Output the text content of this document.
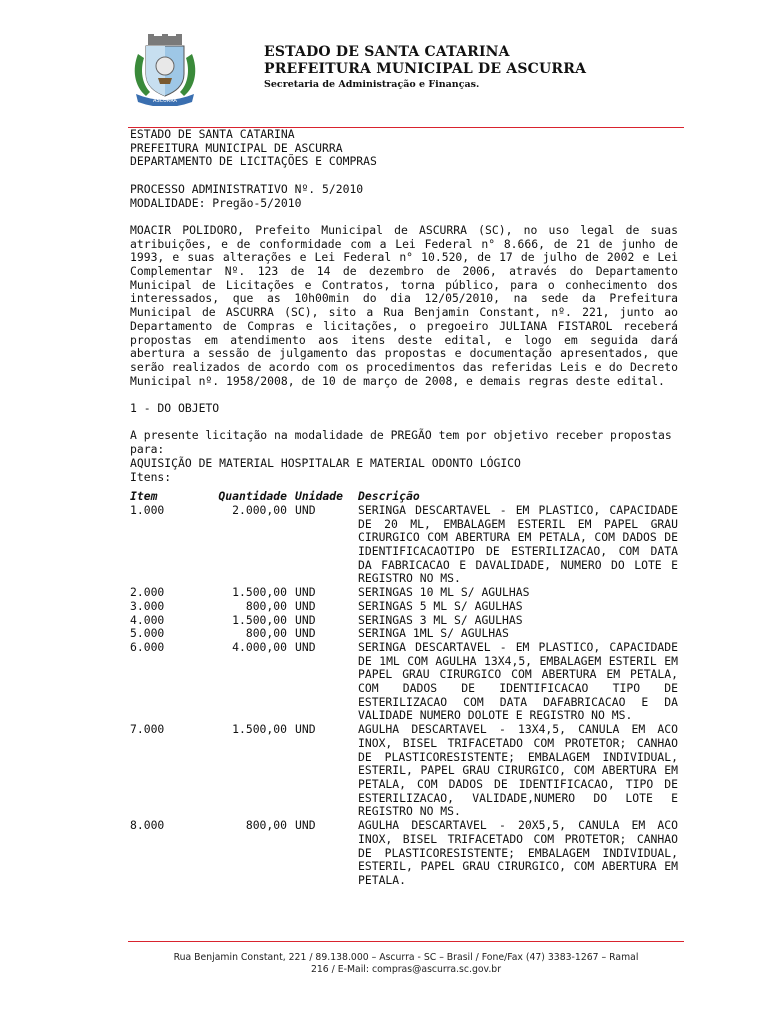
ASCURRA
ESTADO DE SANTA CATARINA
PREFEITURA MUNICIPAL DE ASCURRA
Secretaria de Administração e Finanças.

ESTADO DE SANTA CATARINA

PREFEITURA MUNICIPAL DE ASCURRA

DEPARTAMENTO DE LICITAÇÕES E COMPRAS

PROCESSO ADMINISTRATIVO Nº. 5/2010

MODALIDADE: Pregão-5/2010

MOACIR POLIDORO, Prefeito Municipal de ASCURRA (SC), no uso legal de suas atribuições, e de conformidade com a Lei Federal n° 8.666, de 21 de junho de 1993, e suas alterações e Lei Federal n° 10.520, de 17 de julho de 2002 e Lei Complementar Nº. 123 de 14 de dezembro de 2006, através do Departamento Municipal de Licitações e Contratos, torna público, para o conhecimento dos interessados, que as 10h00min do dia 12/05/2010, na sede da Prefeitura Municipal de ASCURRA (SC), sito a Rua Benjamin Constant, nº. 221, junto ao Departamento de Compras e licitações, o pregoeiro JULIANA FISTAROL receberá propostas em atendimento aos itens deste edital, e logo em seguida dará abertura a sessão de julgamento das propostas e documentação apresentados, que serão realizados de acordo com os procedimentos das referidas Leis e do Decreto Municipal nº. 1958/2008, de 10 de março de 2008, e demais regras deste edital.

1 - DO OBJETO

A presente licitação na modalidade de PREGÃO tem por objetivo receber propostas para:

AQUISIÇÃO DE MATERIAL HOSPITALAR E MATERIAL ODONTO LÓGICO

Itens:

Item	Quantidade	Unidade	Descrição
1.000	2.000,00	UND	SERINGA DESCARTAVEL - EM PLASTICO, CAPACIDADE DE 20 ML, EMBALAGEM ESTERIL EM PAPEL GRAU CIRURGICO COM ABERTURA EM PETALA, COM DADOS DE IDENTIFICACAOTIPO DE ESTERILIZACAO, COM DATA DA FABRICACAO E DAVALIDADE, NUMERO DO LOTE E REGISTRO NO MS.
2.000	1.500,00	UND	SERINGAS 10 ML S/ AGULHAS
3.000	800,00	UND	SERINGAS 5 ML S/ AGULHAS
4.000	1.500,00	UND	SERINGAS 3 ML S/ AGULHAS
5.000	800,00	UND	SERINGA 1ML S/ AGULHAS
6.000	4.000,00	UND	SERINGA DESCARTAVEL - EM PLASTICO, CAPACIDADE DE 1ML COM AGULHA 13X4,5, EMBALAGEM ESTERIL EM PAPEL GRAU CIRURGICO COM ABERTURA EM PETALA, COM DADOS DE IDENTIFICACAO TIPO DE ESTERILIZACAO COM DATA DAFABRICACAO E DA VALIDADE NUMERO DOLOTE E REGISTRO NO MS.
7.000	1.500,00	UND	AGULHA DESCARTAVEL - 13X4,5, CANULA EM ACO INOX, BISEL TRIFACETADO COM PROTETOR; CANHAO DE PLASTICORESISTENTE; EMBALAGEM INDIVIDUAL, ESTERIL, PAPEL GRAU CIRURGICO, COM ABERTURA EM PETALA, COM DADOS DE IDENTIFICACAO, TIPO DE ESTERILIZACAO, VALIDADE,NUMERO DO LOTE E REGISTRO NO MS.
8.000	800,00	UND	AGULHA DESCARTAVEL - 20X5,5, CANULA EM ACO INOX, BISEL TRIFACETADO COM PROTETOR; CANHAO DE PLASTICORESISTENTE; EMBALAGEM INDIVIDUAL, ESTERIL, PAPEL GRAU CIRURGICO, COM ABERTURA EM PETALA.
Rua Benjamin Constant, 221 / 89.138.000 – Ascurra - SC – Brasil / Fone/Fax (47) 3383-1267 – Ramal
216 / E-Mail: compras@ascurra.sc.gov.br
